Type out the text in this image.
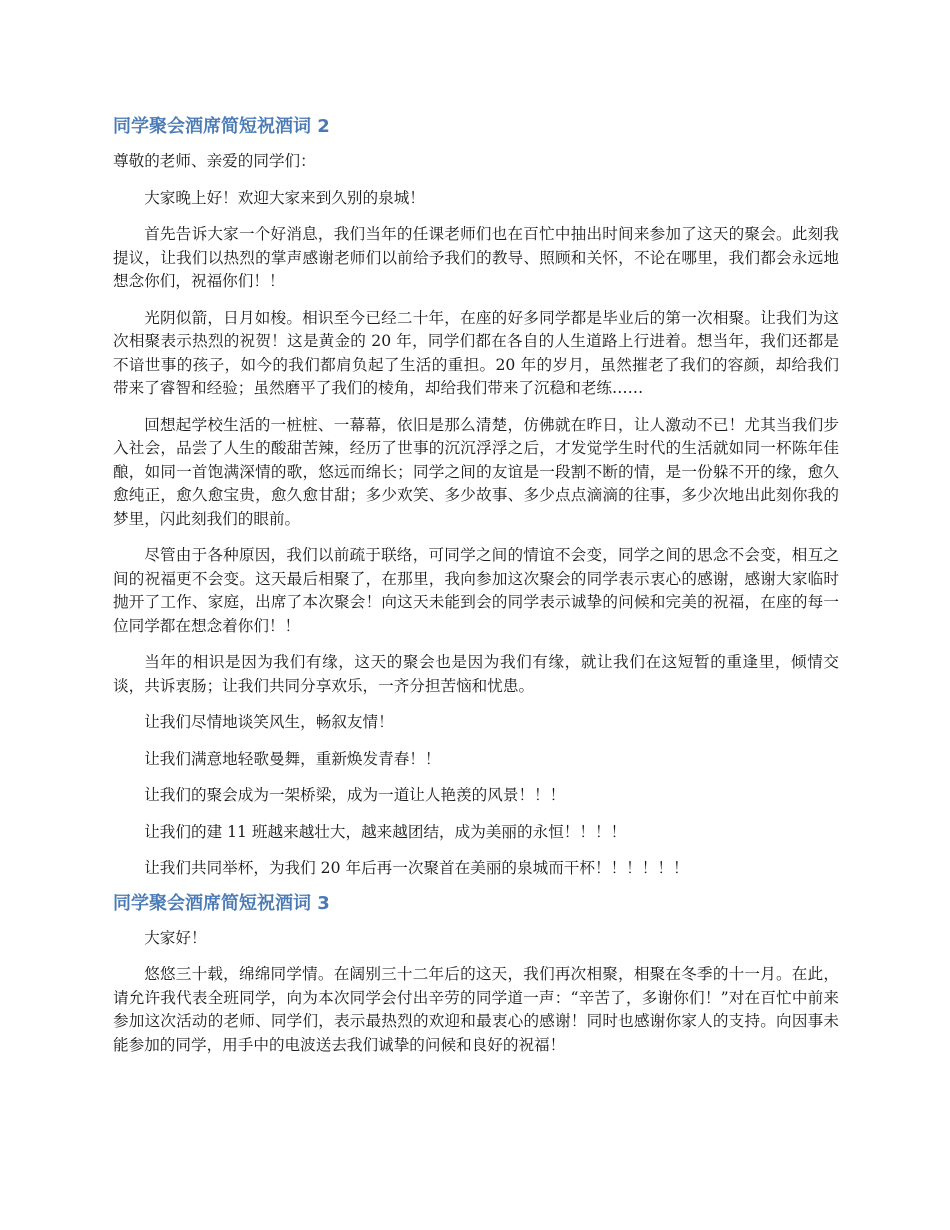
同学聚会酒席简短祝酒词 2

尊敬的老师、亲爱的同学们：

大家晚上好！欢迎大家来到久别的泉城！

首先告诉大家一个好消息，我们当年的任课老师们也在百忙中抽出时间来参加了这天的聚会。此刻我提议，让我们以热烈的掌声感谢老师们以前给予我们的教导、照顾和关怀，不论在哪里，我们都会永远地想念你们，祝福你们！！

光阴似箭，日月如梭。相识至今已经二十年，在座的好多同学都是毕业后的第一次相聚。让我们为这次相聚表示热烈的祝贺！这是黄金的 20 年，同学们都在各自的人生道路上行进着。想当年，我们还都是不谙世事的孩子，如今的我们都肩负起了生活的重担。20 年的岁月，虽然摧老了我们的容颜，却给我们带来了睿智和经验；虽然磨平了我们的棱角，却给我们带来了沉稳和老练……

回想起学校生活的一桩桩、一幕幕，依旧是那么清楚，仿佛就在昨日，让人激动不已！尤其当我们步入社会，品尝了人生的酸甜苦辣，经历了世事的沉沉浮浮之后，才发觉学生时代的生活就如同一杯陈年佳酿，如同一首饱满深情的歌，悠远而绵长；同学之间的友谊是一段割不断的情，是一份躲不开的缘，愈久愈纯正，愈久愈宝贵，愈久愈甘甜；多少欢笑、多少故事、多少点点滴滴的往事，多少次地出此刻你我的梦里，闪此刻我们的眼前。

尽管由于各种原因，我们以前疏于联络，可同学之间的情谊不会变，同学之间的思念不会变，相互之间的祝福更不会变。这天最后相聚了，在那里，我向参加这次聚会的同学表示衷心的感谢，感谢大家临时抛开了工作、家庭，出席了本次聚会！向这天未能到会的同学表示诚挚的问候和完美的祝福，在座的每一位同学都在想念着你们！！

当年的相识是因为我们有缘，这天的聚会也是因为我们有缘，就让我们在这短暂的重逢里，倾情交谈，共诉衷肠；让我们共同分享欢乐，一齐分担苦恼和忧患。

让我们尽情地谈笑风生，畅叙友情！

让我们满意地轻歌曼舞，重新焕发青春！！

让我们的聚会成为一架桥梁，成为一道让人艳羡的风景！！！

让我们的建 11 班越来越壮大，越来越团结，成为美丽的永恒！！！！

让我们共同举杯，为我们 20 年后再一次聚首在美丽的泉城而干杯！！！！！！

同学聚会酒席简短祝酒词 3

大家好！

悠悠三十载，绵绵同学情。在阔别三十二年后的这天，我们再次相聚，相聚在冬季的十一月。在此，请允许我代表全班同学，向为本次同学会付出辛劳的同学道一声：“辛苦了，多谢你们！”对在百忙中前来参加这次活动的老师、同学们，表示最热烈的欢迎和最衷心的感谢！同时也感谢你家人的支持。向因事未能参加的同学，用手中的电波送去我们诚挚的问候和良好的祝福！
